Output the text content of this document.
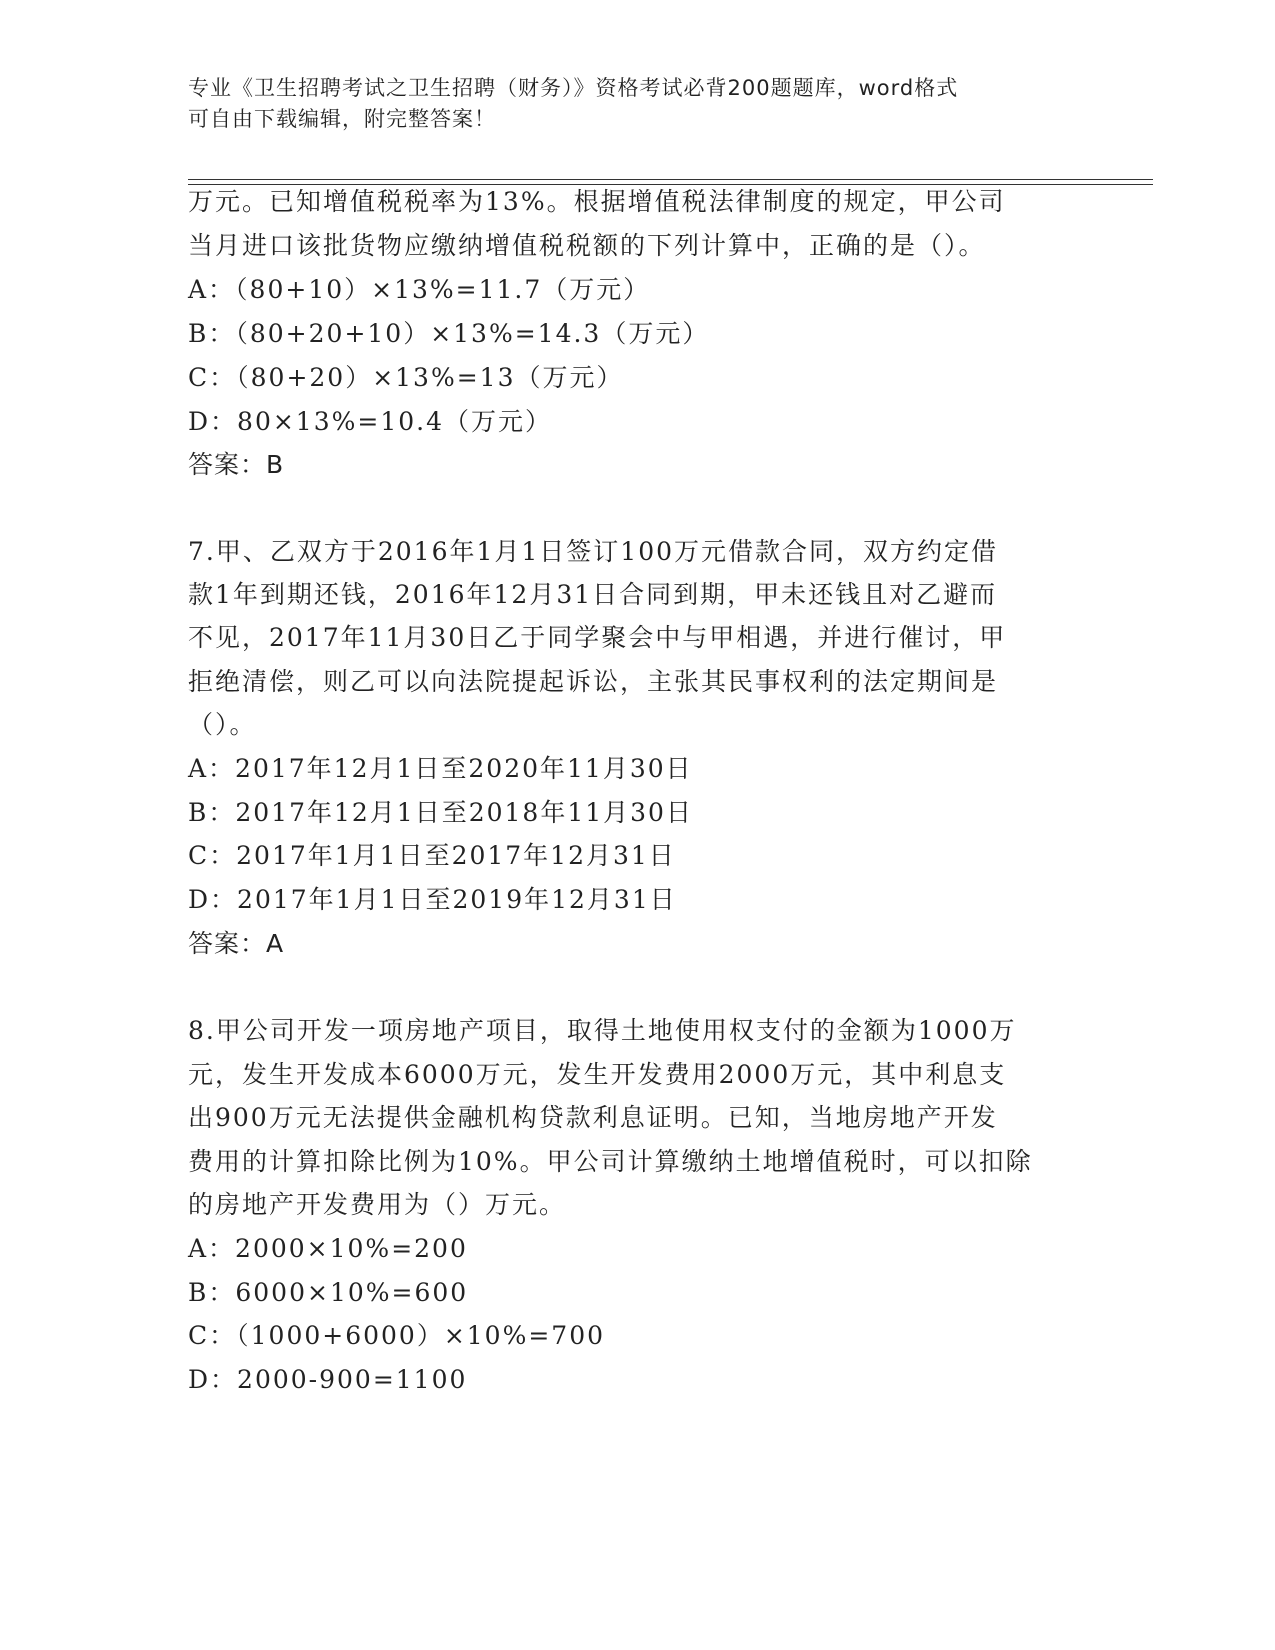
专业《卫生招聘考试之卫生招聘（财务）》资格考试必背200题题库，word格式
可自由下载编辑，附完整答案！
万元。已知增值税税率为13%。根据增值税法律制度的规定，甲公司
当月进口该批货物应缴纳增值税税额的下列计算中，正确的是（）。
A：（80+10）×13%=11.7（万元）
B：（80+20+10）×13%=14.3（万元）
C：（80+20）×13%=13（万元）
D：80×13%=10.4（万元）
答案：B
7.甲、乙双方于2016年1月1日签订100万元借款合同，双方约定借
款1年到期还钱，2016年12月31日合同到期，甲未还钱且对乙避而
不见，2017年11月30日乙于同学聚会中与甲相遇，并进行催讨，甲
拒绝清偿，则乙可以向法院提起诉讼，主张其民事权利的法定期间是
（）。
A：2017年12月1日至2020年11月30日
B：2017年12月1日至2018年11月30日
C：2017年1月1日至2017年12月31日
D：2017年1月1日至2019年12月31日
答案：A
8.甲公司开发一项房地产项目，取得土地使用权支付的金额为1000万
元，发生开发成本6000万元，发生开发费用2000万元，其中利息支
出900万元无法提供金融机构贷款利息证明。已知，当地房地产开发
费用的计算扣除比例为10%。甲公司计算缴纳土地增值税时，可以扣除
的房地产开发费用为（）万元。
A：2000×10%=200
B：6000×10%=600
C：（1000+6000）×10%=700
D：2000-900=1100
